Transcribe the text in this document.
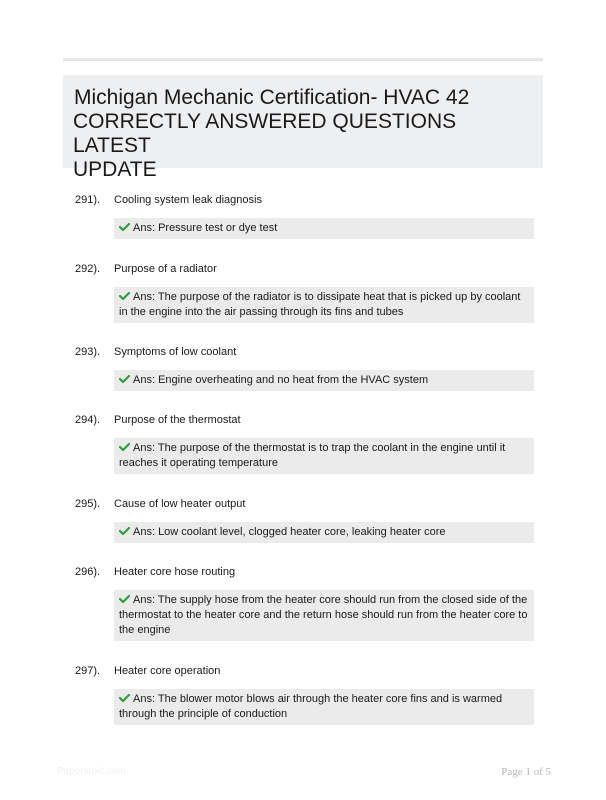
Michigan Mechanic Certification- HVAC 42
CORRECTLY ANSWERED QUESTIONS LATEST
UPDATE
291). Cooling system leak diagnosis
Ans: Pressure test or dye test
292). Purpose of a radiator
Ans: The purpose of the radiator is to dissipate heat that is picked up by coolant in the engine into the air passing through its fins and tubes
293). Symptoms of low coolant
Ans: Engine overheating and no heat from the HVAC system
294). Purpose of the thermostat
Ans: The purpose of the thermostat is to trap the coolant in the engine until it reaches it operating temperature
295). Cause of low heater output
Ans: Low coolant level, clogged heater core, leaking heater core
296). Heater core hose routing
Ans: The supply hose from the heater core should run from the closed side of the thermostat to the heater core and the return hose should run from the heater core to the engine
297). Heater core operation
Ans: The blower motor blows air through the heater core fins and is warmed through the principle of conduction
Paperstoic.com	Page 1 of 5
